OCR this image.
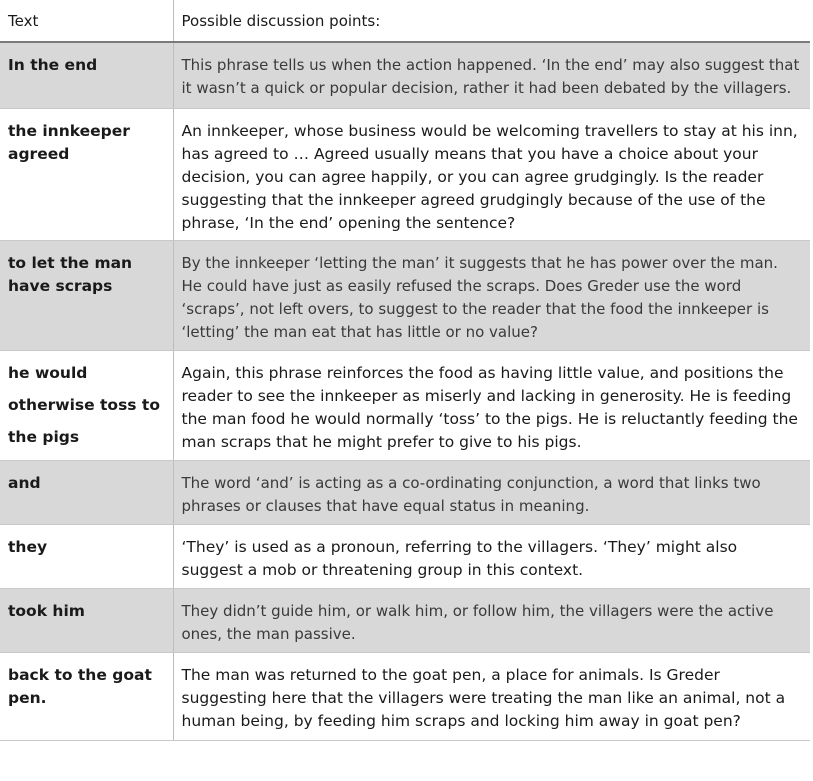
Text	Possible discussion points:
In the end	This phrase tells us when the action happened. ‘In the end’ may also suggest that it wasn’t a quick or popular decision, rather it had been debated by the villagers.
the innkeeper agreed	An innkeeper, whose business would be welcoming travellers to stay at his inn, has agreed to … Agreed usually means that you have a choice about your decision, you can agree happily, or you can agree grudgingly. Is the reader suggesting that the innkeeper agreed grudgingly because of the use of the phrase, ‘In the end’ opening the sentence?
to let the man have scraps	By the innkeeper ‘letting the man’ it suggests that he has power over the man. He could have just as easily refused the scraps. Does Greder use the word ‘scraps’, not left overs, to suggest to the reader that the food the innkeeper is ‘letting’ the man eat that has little or no value?
he would otherwise toss to the pigs	Again, this phrase reinforces the food as having little value, and positions the reader to see the innkeeper as miserly and lacking in generosity. He is feeding the man food he would normally ‘toss’ to the pigs. He is reluctantly feeding the man scraps that he might prefer to give to his pigs.
and	The word ‘and’ is acting as a co-ordinating conjunction, a word that links two phrases or clauses that have equal status in meaning.
they	‘They’ is used as a pronoun, referring to the villagers. ‘They’ might also suggest a mob or threatening group in this context.
took him	They didn’t guide him, or walk him, or follow him, the villagers were the active ones, the man passive.
back to the goat pen.	The man was returned to the goat pen, a place for animals. Is Greder suggesting here that the villagers were treating the man like an animal, not a human being, by feeding him scraps and locking him away in goat pen?
